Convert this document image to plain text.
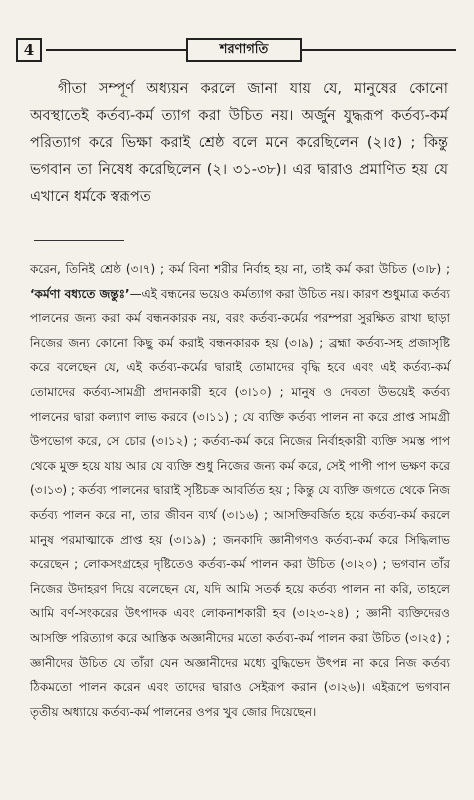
4	শরণাগতি

গীতা সম্পূর্ণ অধ্যয়ন করলে জানা যায় যে, মানুষের কোনো অবস্থাতেই কর্তব্য-কর্ম ত্যাগ করা উচিত নয়। অর্জুন যুদ্ধরূপ কর্তব্য-কর্ম পরিত্যাগ করে ভিক্ষা করাই শ্রেষ্ঠ বলে মনে করেছিলেন (২।৫) ; কিন্তু ভগবান তা নিষেধ করেছিলেন (২। ৩১-৩৮)। এর দ্বারাও প্রমাণিত হয় যে এখানে ধর্মকে স্বরূপত

করেন, তিনিই শ্রেষ্ঠ (৩।৭) ; কর্ম বিনা শরীর নির্বাহ হয় না, তাই কর্ম করা উচিত (৩।৮) ; ‘কর্মণা বধ্যতে জন্তুঃ’—এই বন্ধনের ভয়েও কর্মত্যাগ করা উচিত নয়। কারণ শুধুমাত্র কর্তব্য পালনের জন্য করা কর্ম বন্ধনকারক নয়, বরং কর্তব্য-কর্মের পরম্পরা সুরক্ষিত রাখা ছাড়া নিজের জন্য কোনো কিছু কর্ম করাই বন্ধনকারক হয় (৩।৯) ; ব্রহ্মা কর্তব্য-সহ প্রজাসৃষ্টি করে বলেছেন যে, এই কর্তব্য-কর্মের দ্বারাই তোমাদের বৃদ্ধি হবে এবং এই কর্তব্য-কর্ম তোমাদের কর্তব্য-সামগ্রী প্রদানকারী হবে (৩।১০) ; মানুষ ও দেবতা উভয়েই কর্তব্য পালনের দ্বারা কল্যাণ লাভ করবে (৩।১১) ; যে ব্যক্তি কর্তব্য পালন না করে প্রাপ্ত সামগ্রী উপভোগ করে, সে চোর (৩।১২) ; কর্তব্য-কর্ম করে নিজের নির্বাহকারী ব্যক্তি সমস্ত পাপ থেকে মুক্ত হয়ে যায় আর যে ব্যক্তি শুধু নিজের জন্য কর্ম করে, সেই পাপী পাপ ভক্ষণ করে (৩।১৩) ; কর্তব্য পালনের দ্বারাই সৃষ্টিচক্র আবর্তিত হয় ; কিন্তু যে ব্যক্তি জগতে থেকে নিজ কর্তব্য পালন করে না, তার জীবন ব্যর্থ (৩।১৬) ; আসক্তিবর্জিত হয়ে কর্তব্য-কর্ম করলে মানুষ পরমাত্মাকে প্রাপ্ত হয় (৩।১৯) ; জনকাদি জ্ঞানীগণও কর্তব্য-কর্ম করে সিদ্ধিলাভ করেছেন ; লোকসংগ্রহের দৃষ্টিতেও কর্তব্য-কর্ম পালন করা উচিত (৩।২০) ; ভগবান তাঁর নিজের উদাহরণ দিয়ে বলেছেন যে, যদি আমি সতর্ক হয়ে কর্তব্য পালন না করি, তাহলে আমি বর্ণ-সংকরের উৎপাদক এবং লোকনাশকারী হব (৩।২৩-২৪) ; জ্ঞানী ব্যক্তিদেরও আসক্তি পরিত্যাগ করে আস্তিক অজ্ঞানীদের মতো কর্তব্য-কর্ম পালন করা উচিত (৩।২৫) ; জ্ঞানীদের উচিত যে তাঁরা যেন অজ্ঞানীদের মধ্যে বুদ্ধিভেদ উৎপন্ন না করে নিজ কর্তব্য ঠিকমতো পালন করেন এবং তাদের দ্বারাও সেইরূপ করান (৩।২৬)। এইরূপে ভগবান তৃতীয় অধ্যায়ে কর্তব্য-কর্ম পালনের ওপর খুব জোর দিয়েছেন।
